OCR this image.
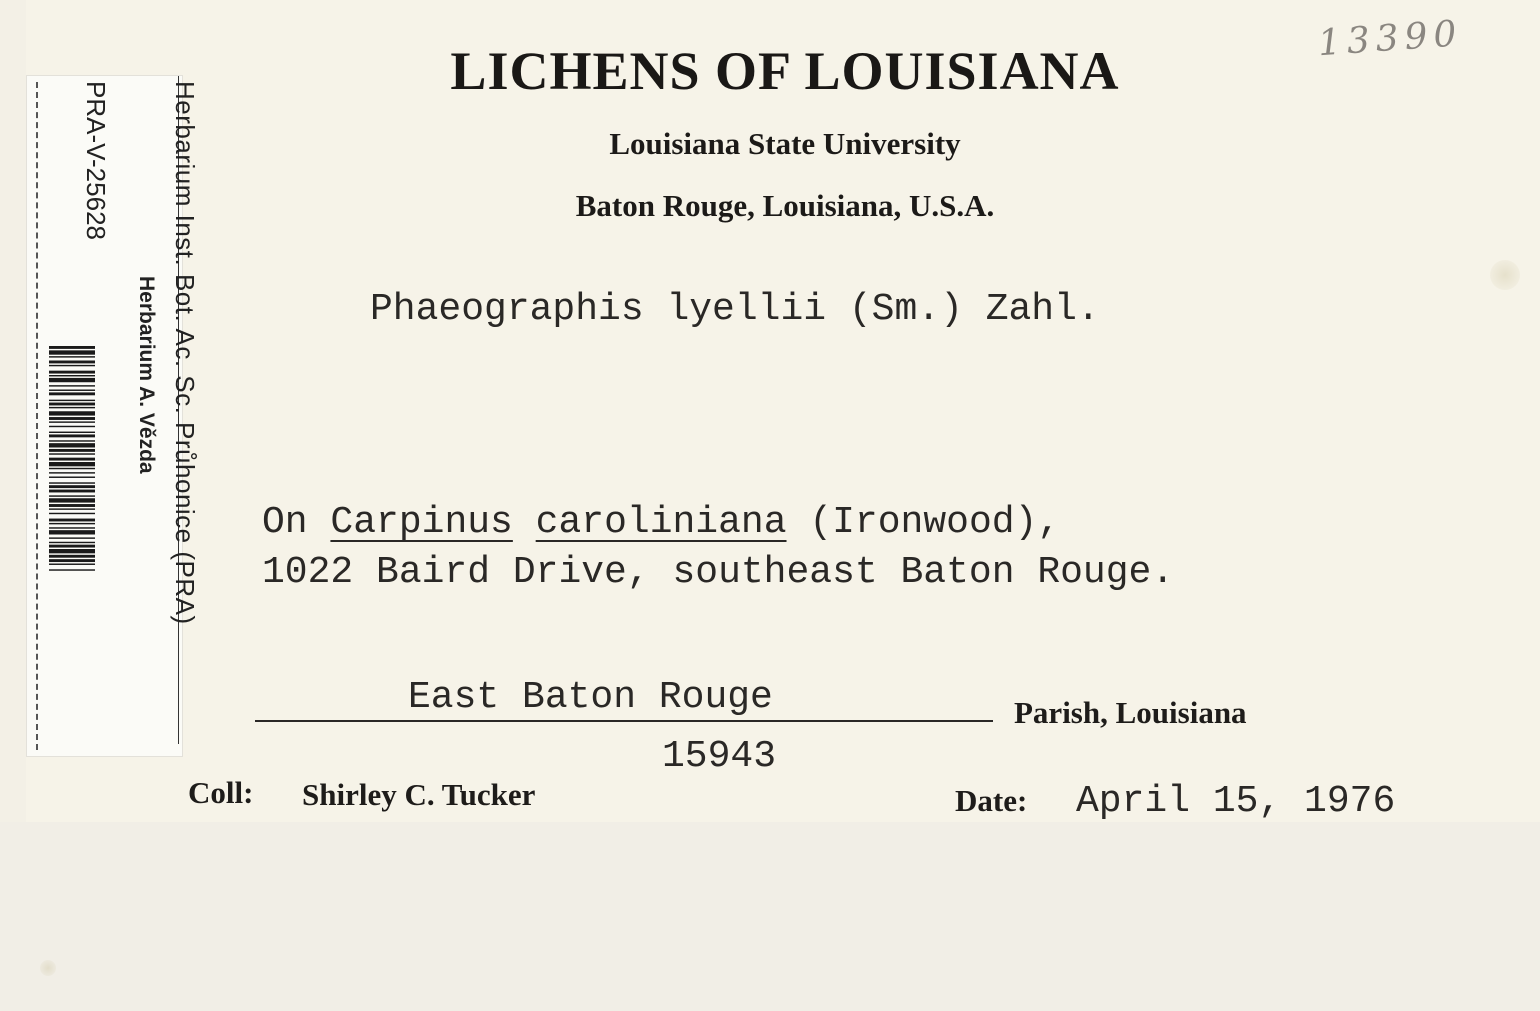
13390
LICHENS OF LOUISIANA
Louisiana State University
Baton Rouge, Louisiana, U.S.A.
Phaeographis lyellii (Sm.) Zahl.
On Carpinus caroliniana (Ironwood),
1022 Baird Drive, southeast Baton Rouge.
East Baton Rouge	Parish, Louisiana
15943
Coll: Shirley C. Tucker	Date: April 15, 1976
Herbarium Inst. Bot. Ac. Sc. Průhonice (PRA)
Herbarium A. Vězda
PRA-V-25628
